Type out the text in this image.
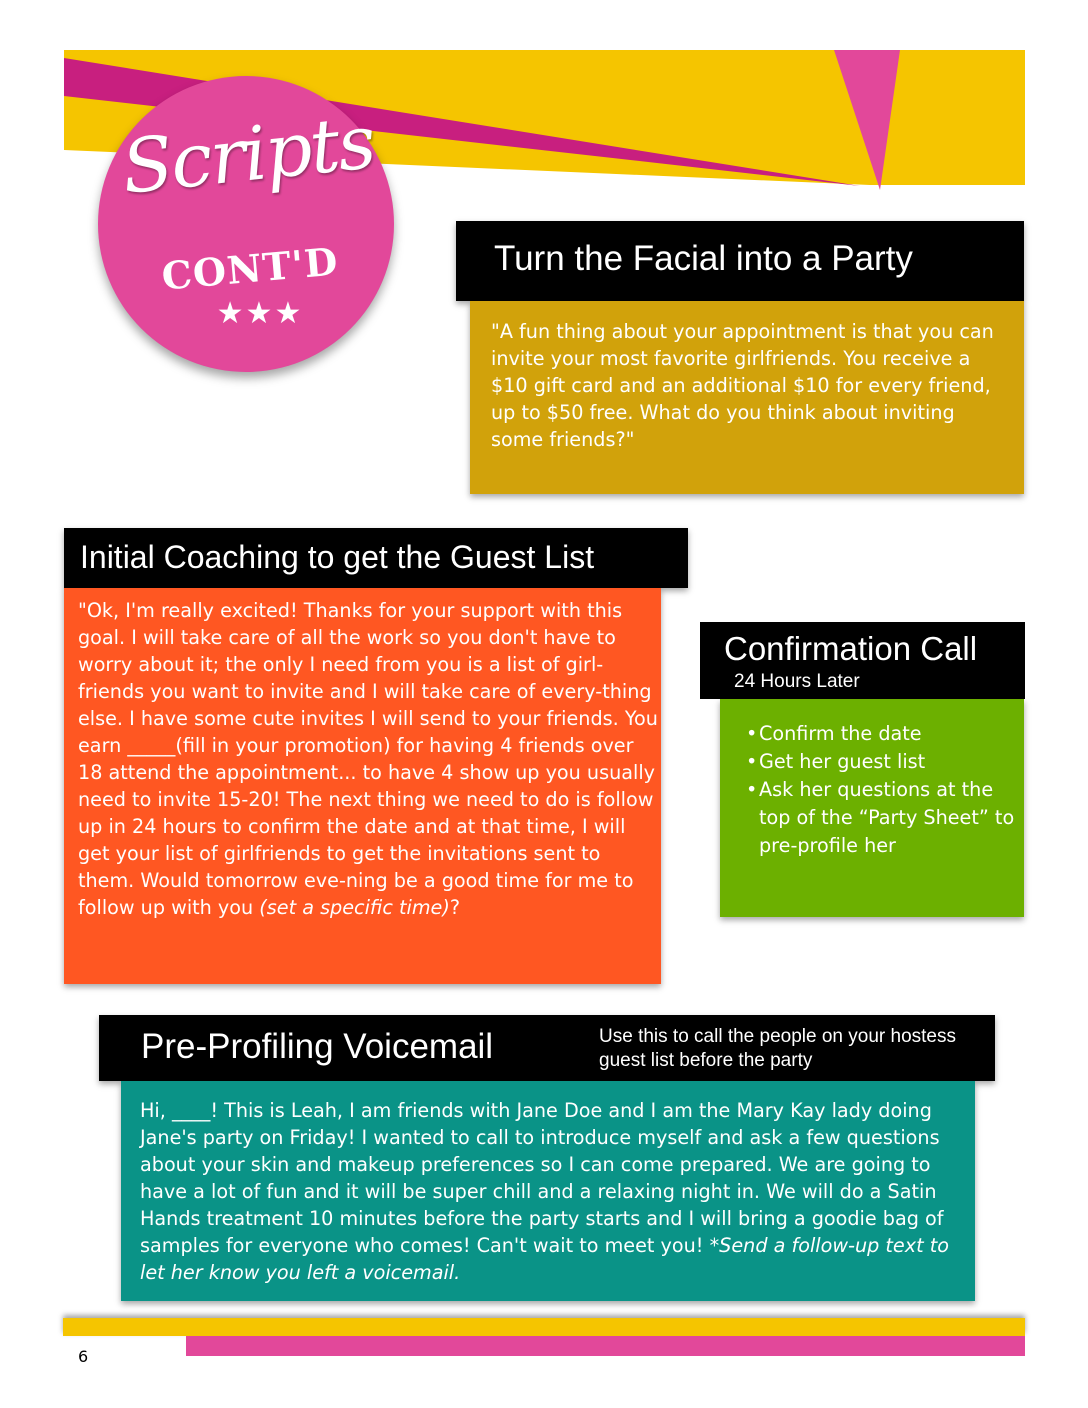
Scripts
CONT'D
★★★
Turn the Facial into a Party
"A fun thing about your appointment is that you can invite your most favorite girlfriends. You receive a $10 gift card and an additional $10 for every friend, up to $50 free. What do you think about inviting some friends?"
Initial Coaching to get the Guest List
"Ok, I'm really excited! Thanks for your support with this goal. I will take care of all the work so you don't have to worry about it; the only I need from you is a list of girl-friends you want to invite and I will take care of every-thing else. I have some cute invites I will send to your friends. You earn _____(fill in your promotion) for having 4 friends over 18 attend the appointment... to have 4 show up you usually need to invite 15-20! The next thing we need to do is follow up in 24 hours to confirm the date and at that time, I will get your list of girlfriends to get the invitations sent to them. Would tomorrow eve-ning be a good time for me to follow up with you (set a specific time)?
Confirmation Call
24 Hours Later
• Confirm the date
• Get her guest list
• Ask her questions at the top of the “Party Sheet” to pre-profile her
Pre-Profiling Voicemail	Use this to call the people on your hostess guest list before the party
Hi, ____! This is Leah, I am friends with Jane Doe and I am the Mary Kay lady doing Jane's party on Friday! I wanted to call to introduce myself and ask a few questions about your skin and makeup preferences so I can come prepared. We are going to have a lot of fun and it will be super chill and a relaxing night in. We will do a Satin Hands treatment 10 minutes before the party starts and I will bring a goodie bag of samples for everyone who comes! Can't wait to meet you! *Send a follow-up text to let her know you left a voicemail.
6
